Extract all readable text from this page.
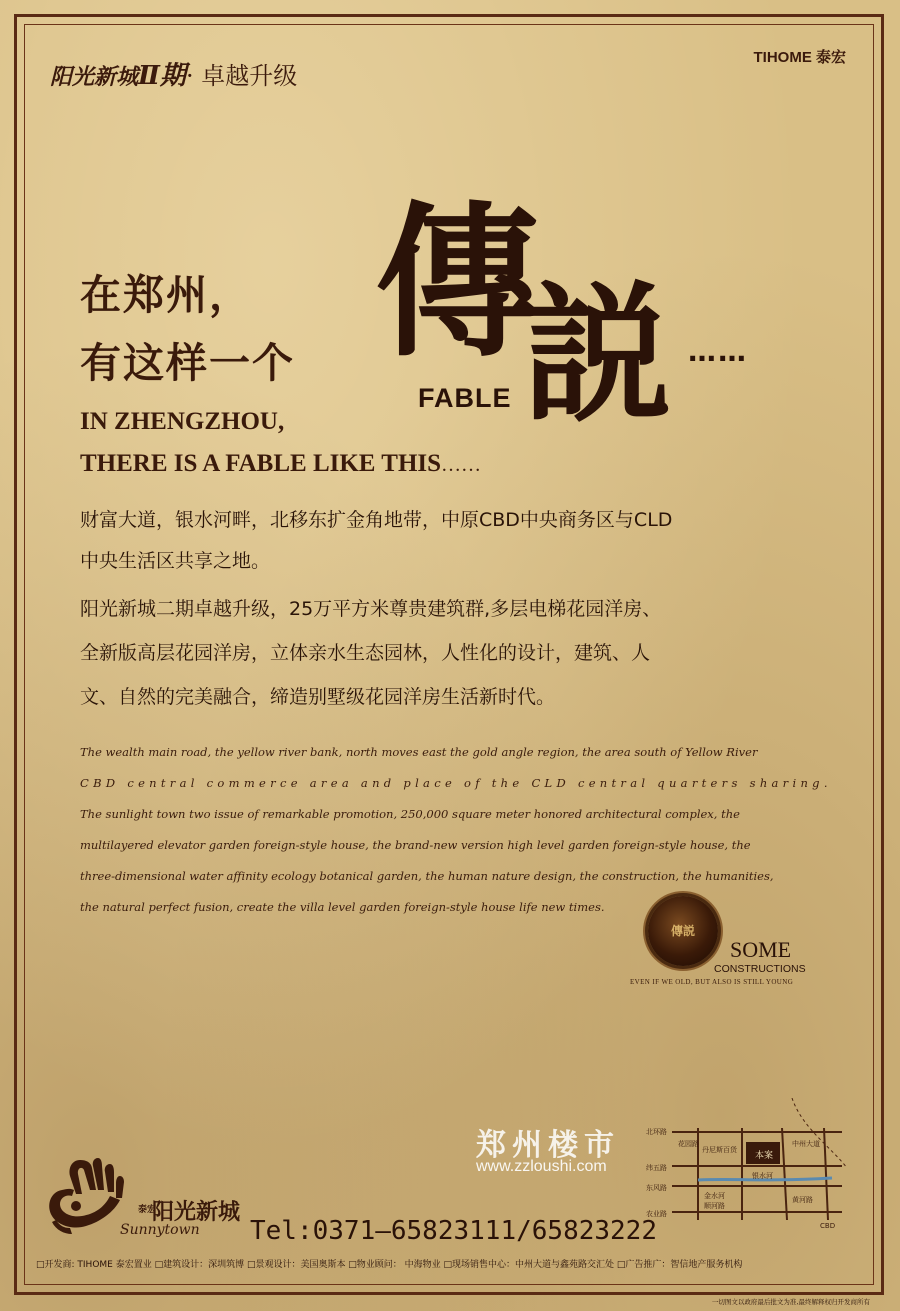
阳光新城Ⅱ期· 卓越升级
TIHOME 泰宏
在郑州，
有这样一个 傳
説
FABLE
……
IN ZHENGZHOU,
THERE IS A FABLE LIKE THIS……
财富大道，银水河畔，北移东扩金角地带，中原CBD中央商务区与CLD
中央生活区共享之地。
阳光新城二期卓越升级，25万平方米尊贵建筑群,多层电梯花园洋房、
全新版高层花园洋房，立体亲水生态园林，人性化的设计，建筑、人
文、自然的完美融合，缔造别墅级花园洋房生活新时代。
The wealth main road, the yellow river bank, north moves east the gold angle region, the area south of Yellow River
CBD central commerce area and place of the CLD central quarters sharing.
The sunlight town two issue of remarkable promotion, 250,000 square meter honored architectural complex, the
multilayered elevator garden foreign-style house, the brand-new version high level garden foreign-style house, the
three-dimensional water affinity ecology botanical garden, the human nature design, the construction, the humanities,
the natural perfect fusion, create the villa level garden foreign-style house life new times.
傳説
SOME
CONSTRUCTIONS
EVEN IF WE OLD, BUT ALSO IS STILL YOUNG
郑州楼市
www.zzloushi.com
泰宏
阳光新城
Sunnytown Tel:0371—65823111/65823222
本案
北环路
花园路
丹尼斯百货
纬五路
中州大道
农业路
东风路
顺河路
金水河
银水河
黄河路
CBD
□开发商: TIHOME 泰宏置业 □建筑设计：深圳筑博 □景观设计：美国奥斯本 □物业顾问： 中海物业 □现场销售中心：中州大道与鑫苑路交汇处 □广告推广：智信地产服务机构
一切图文以政府最后批文为准,最终解释权归开发商所有
